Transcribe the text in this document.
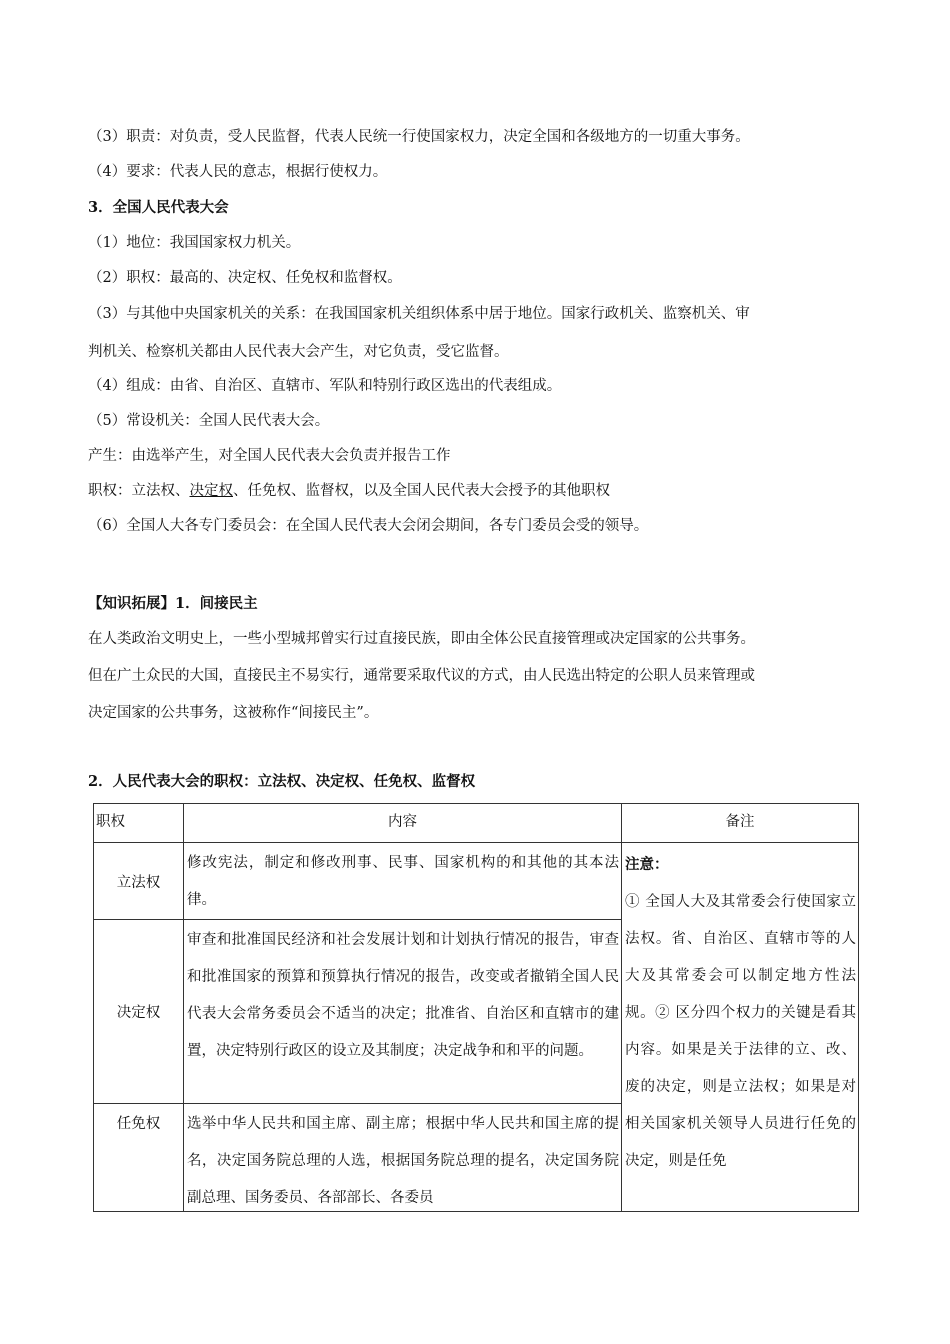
（3）职责：对负责，受人民监督，代表人民统一行使国家权力，决定全国和各级地方的一切重大事务。
（4）要求：代表人民的意志，根据行使权力。
3．全国人民代表大会
（1）地位：我国国家权力机关。
（2）职权：最高的、决定权、任免权和监督权。
（3）与其他中央国家机关的关系：在我国国家机关组织体系中居于地位。国家行政机关、监察机关、审
判机关、检察机关都由人民代表大会产生，对它负责，受它监督。
（4）组成：由省、自治区、直辖市、军队和特别行政区选出的代表组成。
（5）常设机关：全国人民代表大会。
产生：由选举产生，对全国人民代表大会负责并报告工作
职权：立法权、决定权、任免权、监督权，以及全国人民代表大会授予的其他职权
（6）全国人大各专门委员会：在全国人民代表大会闭会期间，各专门委员会受的领导。
【知识拓展】1．间接民主
在人类政治文明史上，一些小型城邦曾实行过直接民族，即由全体公民直接管理或决定国家的公共事务。
但在广土众民的大国，直接民主不易实行，通常要采取代议的方式，由人民选出特定的公职人员来管理或
决定国家的公共事务，这被称作“间接民主”。
2．人民代表大会的职权：立法权、决定权、任免权、监督权
职权	内容	备注
立法权	修改宪法，制定和修改刑事、民事、国家机构的和其他的其本法律。	注意：
① 全国人大及其常委会行使国家立法权。省、自治区、直辖市等的人大及其常委会可以制定地方性法规。② 区分四个权力的关键是看其内容。如果是关于法律的立、改、废的决定，则是立法权；如果是对相关国家机关领导人员进行任免的决定，则是任免

决定权	审查和批准国民经济和社会发展计划和计划执行情况的报告，审查和批准国家的预算和预算执行情况的报告，改变或者撤销全国人民代表大会常务委员会不适当的决定；批准省、自治区和直辖市的建置，决定特别行政区的设立及其制度；决定战争和和平的问题。	
任免权	选举中华人民共和国主席、副主席；根据中华人民共和国主席的提名，决定国务院总理的人选，根据国务院总理的提名，决定国务院副总理、国务委员、各部部长、各委员	
